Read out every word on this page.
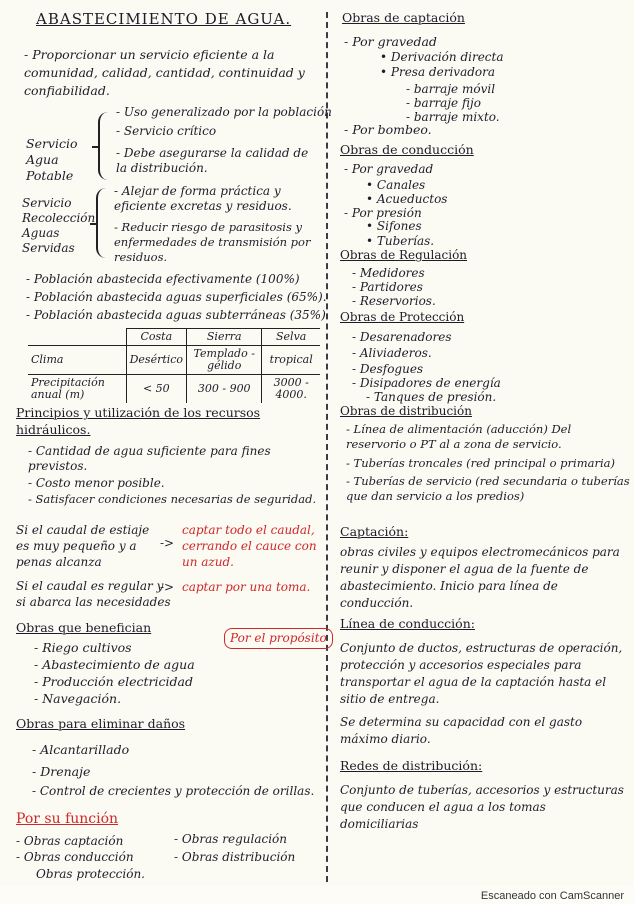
ABASTECIMIENTO DE AGUA.
- Proporcionar un servicio eficiente a la comunidad, calidad, cantidad, continuidad y confiabilidad.
Servicio
Agua
Potable
- Uso generalizado por la población
- Servicio crítico
- Debe asegurarse la calidad de la distribución.
Servicio
Recolección
Aguas
Servidas
- Alejar de forma práctica y eficiente excretas y residuos.
- Reducir riesgo de parasitosis y enfermedades de transmisión por residuos.
- Población abastecida efectivamente (100%)
- Población abastecida aguas superficiales (65%).
- Población abastecida aguas subterráneas (35%)
	Costa	Sierra	Selva
Clima	Desértico	Templado - gélido	tropical
Precipitación anual (m)	< 50	300 - 900	3000 - 4000.
Principios y utilización de los recursos hidráulicos.
- Cantidad de agua suficiente para fines previstos.
- Costo menor posible.
- Satisfacer condiciones necesarias de seguridad.
Si el caudal de estiaje es muy pequeño y a penas alcanza
->
captar todo el caudal, cerrando el cauce con un azud.
Si el caudal es regular y si abarca las necesidades
-> captar por una toma.
Obras que benefician
Por el propósito
- Riego cultivos
- Abastecimiento de agua
- Producción electricidad
- Navegación.
Obras para eliminar daños
- Alcantarillado
- Drenaje
- Control de crecientes y protección de orillas.
Por su función
- Obras captación
- Obras conducción
Obras protección.
- Obras regulación
- Obras distribución
Obras de captación
- Por gravedad
• Derivación directa
• Presa derivadora
- barraje móvil
- barraje fijo
- barraje mixto.
- Por bombeo.
Obras de conducción
- Por gravedad
• Canales
• Acueductos
- Por presión
• Sifones
• Tuberías.
Obras de Regulación
- Medidores
- Partidores
- Reservorios.
Obras de Protección
- Desarenadores
- Aliviaderos.
- Desfogues
- Disipadores de energía
- Tanques de presión.
Obras de distribución
- Línea de alimentación (aducción) Del reservorio o PT al a zona de servicio.
- Tuberías troncales (red principal o primaria)
- Tuberías de servicio (red secundaria o tuberías que dan servicio a los predios)
Captación:
obras civiles y equipos electromecánicos para reunir y disponer el agua de la fuente de abastecimiento. Inicio para línea de conducción.
Línea de conducción:
Conjunto de ductos, estructuras de operación, protección y accesorios especiales para transportar el agua de la captación hasta el sitio de entrega.
Se determina su capacidad con el gasto máximo diario.
Redes de distribución:
Conjunto de tuberías, accesorios y estructuras que conducen el agua a los tomas domiciliarias
Escaneado con CamScanner
